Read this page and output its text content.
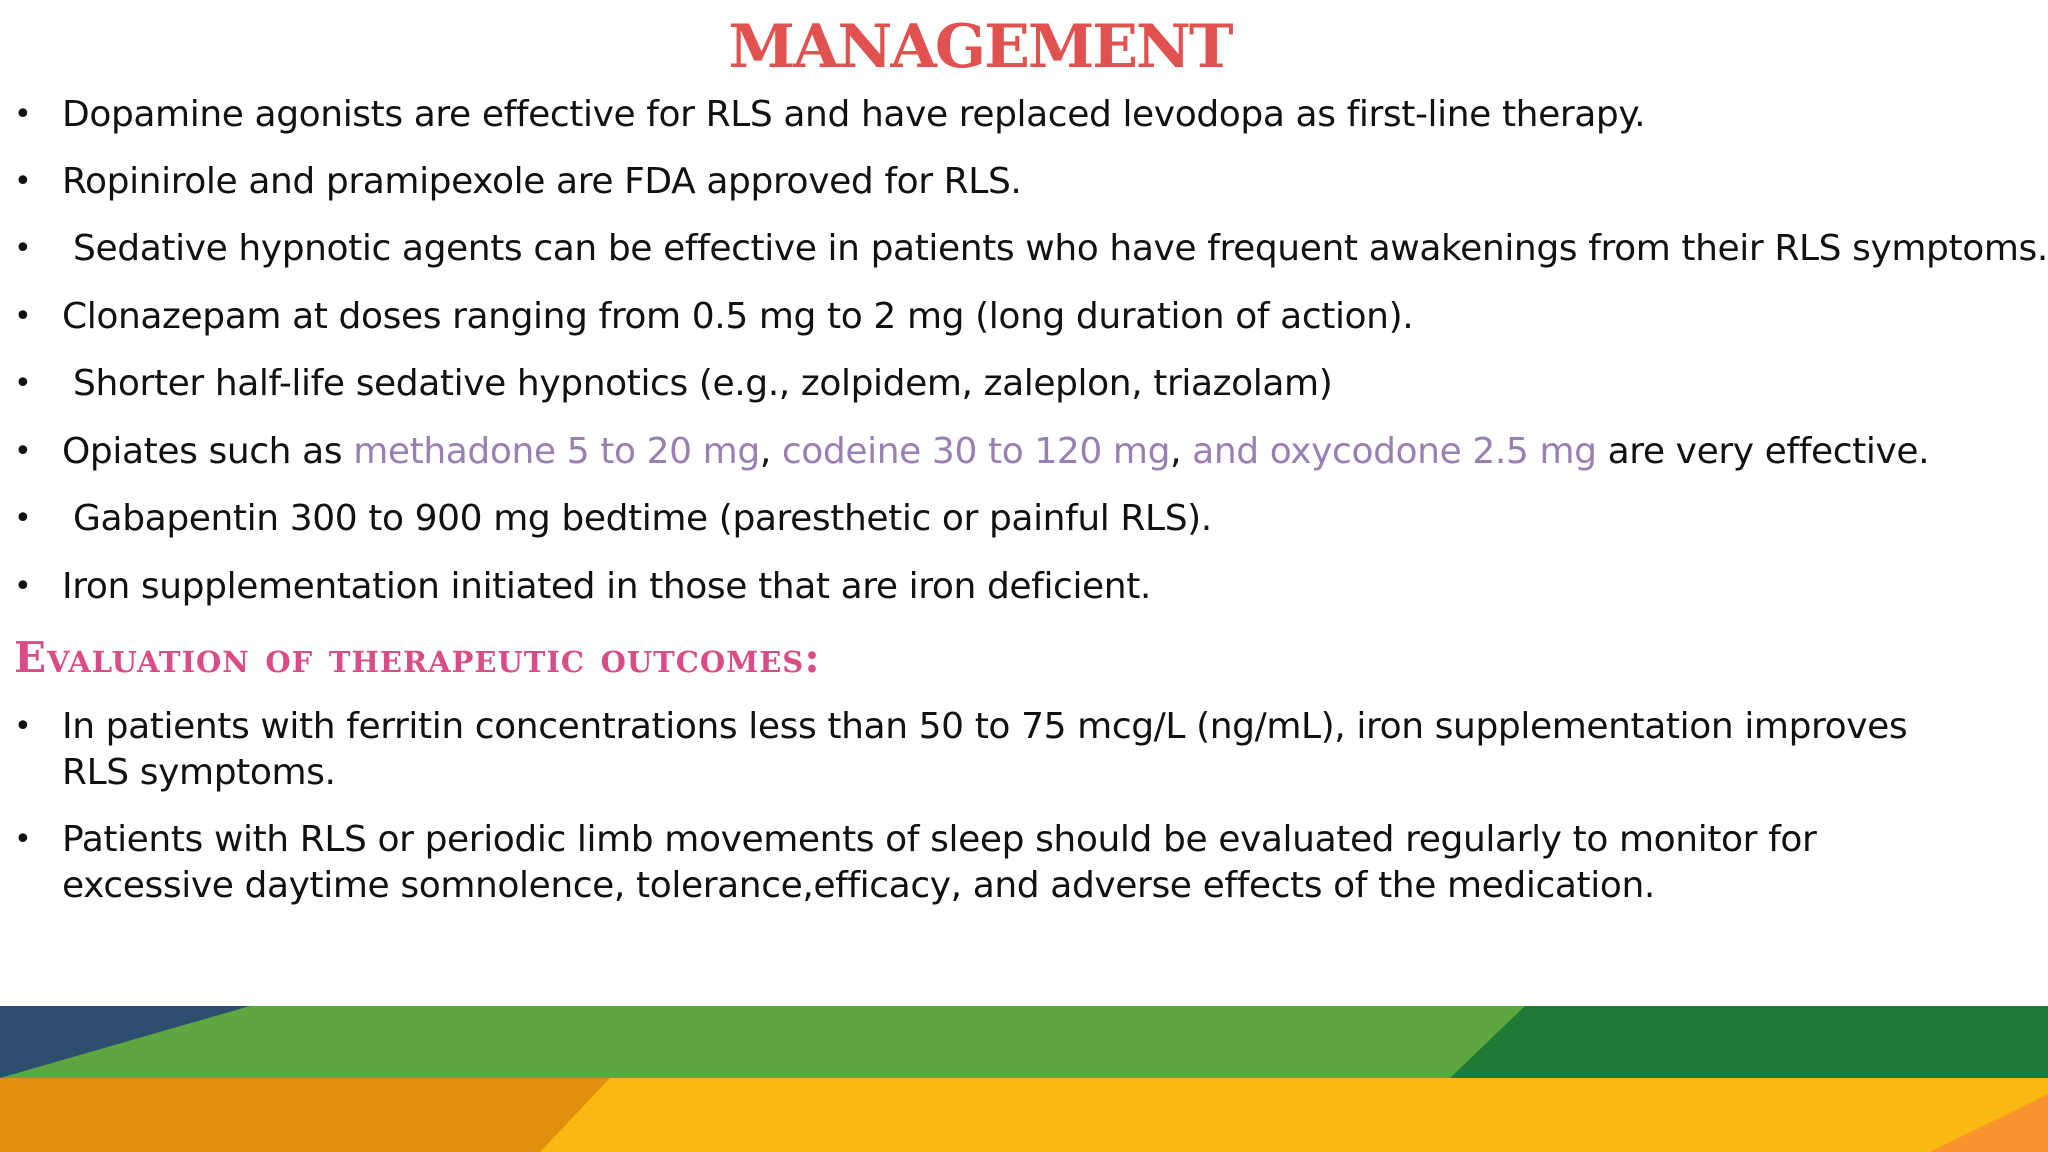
MANAGEMENT
• Dopamine agonists are effective for RLS and have replaced levodopa as first-line therapy.
• Ropinirole and pramipexole are FDA approved for RLS.
• Sedative hypnotic agents can be effective in patients who have frequent awakenings from their RLS symptoms.
• Clonazepam at doses ranging from 0.5 mg to 2 mg (long duration of action).
• Shorter half-life sedative hypnotics (e.g., zolpidem, zaleplon, triazolam)
• Opiates such as methadone 5 to 20 mg, codeine 30 to 120 mg, and oxycodone 2.5 mg are very effective.
• Gabapentin 300 to 900 mg bedtime (paresthetic or painful RLS).
• Iron supplementation initiated in those that are iron deficient.
Evaluation of therapeutic outcomes:
• In patients with ferritin concentrations less than 50 to 75 mcg/L (ng/mL), iron supplementation improves RLS symptoms.
• Patients with RLS or periodic limb movements of sleep should be evaluated regularly to monitor for excessive daytime somnolence, tolerance,efficacy, and adverse effects of the medication.
